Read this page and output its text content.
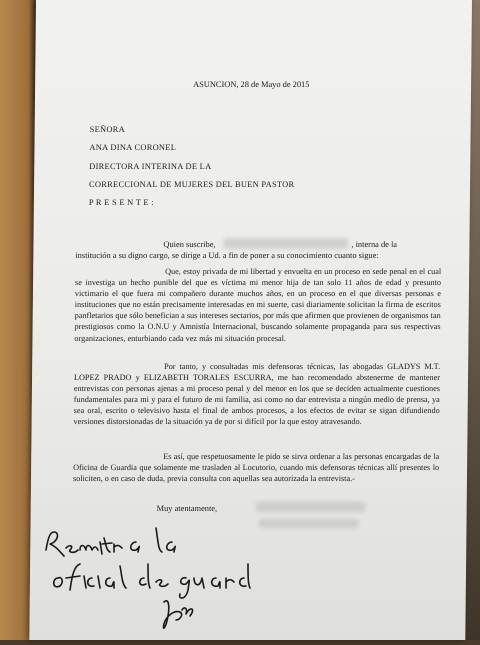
ASUNCION, 28 de Mayo de 2015
SEÑORA
ANA DINA CORONEL
DIRECTORA INTERINA DE LA
CORRECCIONAL DE MUJERES DEL BUEN PASTOR
P R E S E N T E :
Quien suscribe,	, interna de la
institución a su digno cargo, se dirige a Ud. a fin de poner a su conocimiento cuanto sigue:
Que, estoy privada de mi libertad y envuelta en un proceso en sede penal en el cual se investiga un hecho punible del que es víctima mi menor hija de tan solo 11 años de edad y presunto victimario el que fuera mi compañero durante muchos años, en un proceso en el que diversas personas e instituciones que no están precisamente interesadas en mi suerte, casi diariamente solicitan la firma de escritos panfletarios que sólo benefician a sus intereses sectarios, por más que afirmen que provienen de organismos tan prestigiosos como la O.N.U y Amnistía Internacional, buscando solamente propaganda para sus respectivas organizaciones, enturbiando cada vez más mi situación procesal.
Por tanto, y consultadas mis defensoras técnicas, las abogadas GLADYS M.T. LOPEZ PRADO y ELIZABETH TORALES ESCURRA, me han recomendado abstenerme de mantener entrevistas con personas ajenas a mi proceso penal y del menor en los que se deciden actualmente cuestiones fundamentales para mi y para el futuro de mi familia, asi como no dar entrevista a ningún medio de prensa, ya sea oral, escrito o televisivo hasta el final de ambos procesos, a los efectos de evitar se sigan difundiendo versiones distorsionadas de la situación ya de por si difícil por la que estoy atravesando.
Es así, que respetuosamente le pido se sirva ordenar a las personas encargadas de la Oficina de Guardia que solamente me trasladen al Locutorio, cuando mis defensoras técnicas allí presentes lo soliciten, o en caso de duda, previa consulta con aquellas sea autorizada la entrevista.-
Muy atentamente,
